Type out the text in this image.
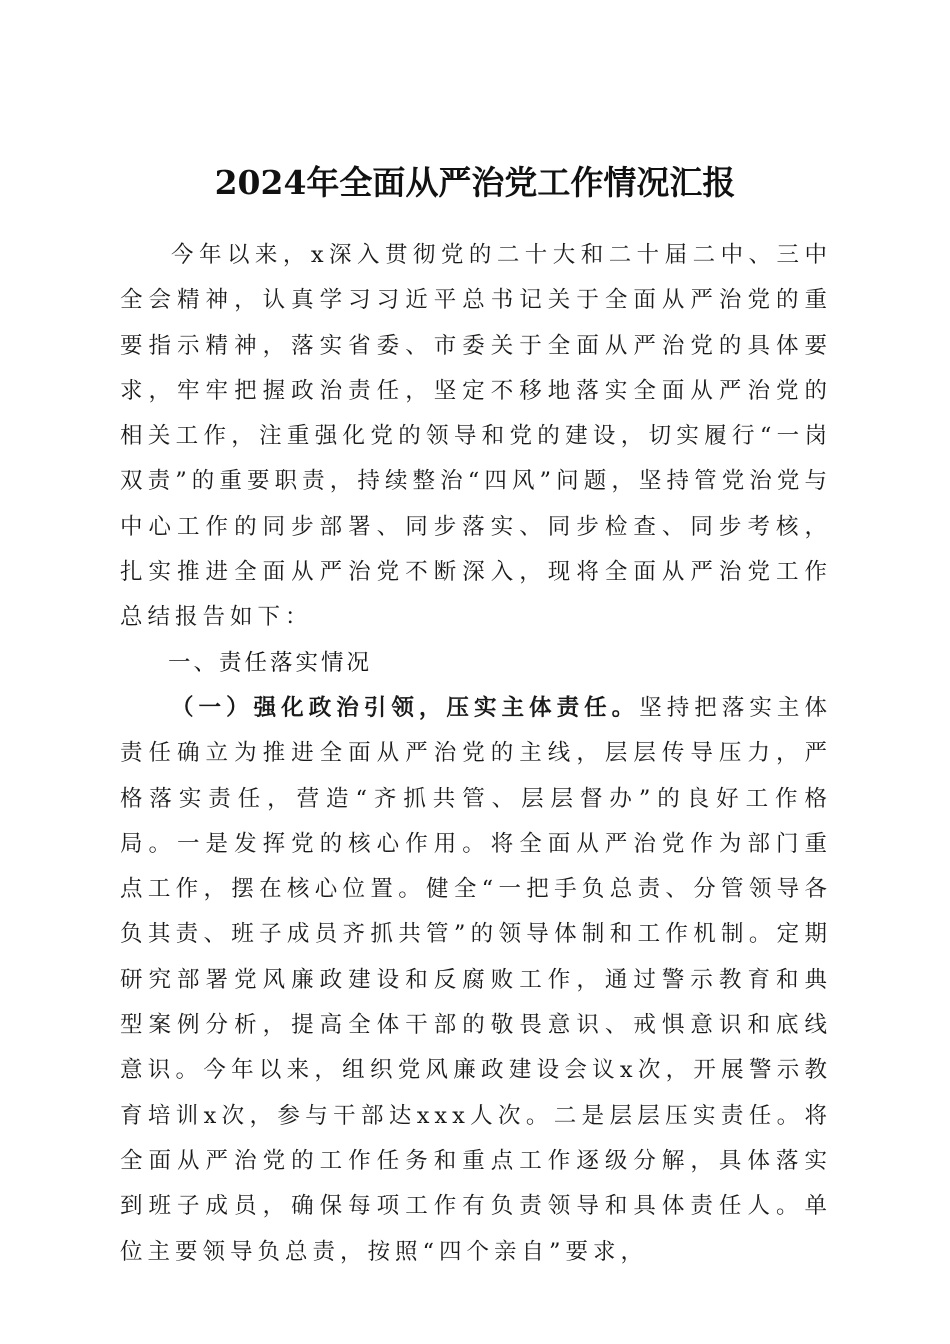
2024年全面从严治党工作情况汇报

今年以来，x深入贯彻党的二十大和二十届二中、三中全会精神，认真学习习近平总书记关于全面从严治党的重要指示精神，落实省委、市委关于全面从严治党的具体要求，牢牢把握政治责任，坚定不移地落实全面从严治党的相关工作，注重强化党的领导和党的建设，切实履行“一岗双责”的重要职责，持续整治“四风”问题，坚持管党治党与中心工作的同步部署、同步落实、同步检查、同步考核，扎实推进全面从严治党不断深入，现将全面从严治党工作总结报告如下：

一、责任落实情况

（一）强化政治引领，压实主体责任。坚持把落实主体责任确立为推进全面从严治党的主线，层层传导压力，严格落实责任，营造“齐抓共管、层层督办”的良好工作格局。一是发挥党的核心作用。将全面从严治党作为部门重点工作，摆在核心位置。健全“一把手负总责、分管领导各负其责、班子成员齐抓共管”的领导体制和工作机制。定期研究部署党风廉政建设和反腐败工作，通过警示教育和典型案例分析，提高全体干部的敬畏意识、戒惧意识和底线意识。今年以来，组织党风廉政建设会议x次，开展警示教育培训x次，参与干部达xxx人次。二是层层压实责任。将全面从严治党的工作任务和重点工作逐级分解，具体落实到班子成员，确保每项工作有负责领导和具体责任人。单位主要领导负总责，按照“四个亲自”要求，
